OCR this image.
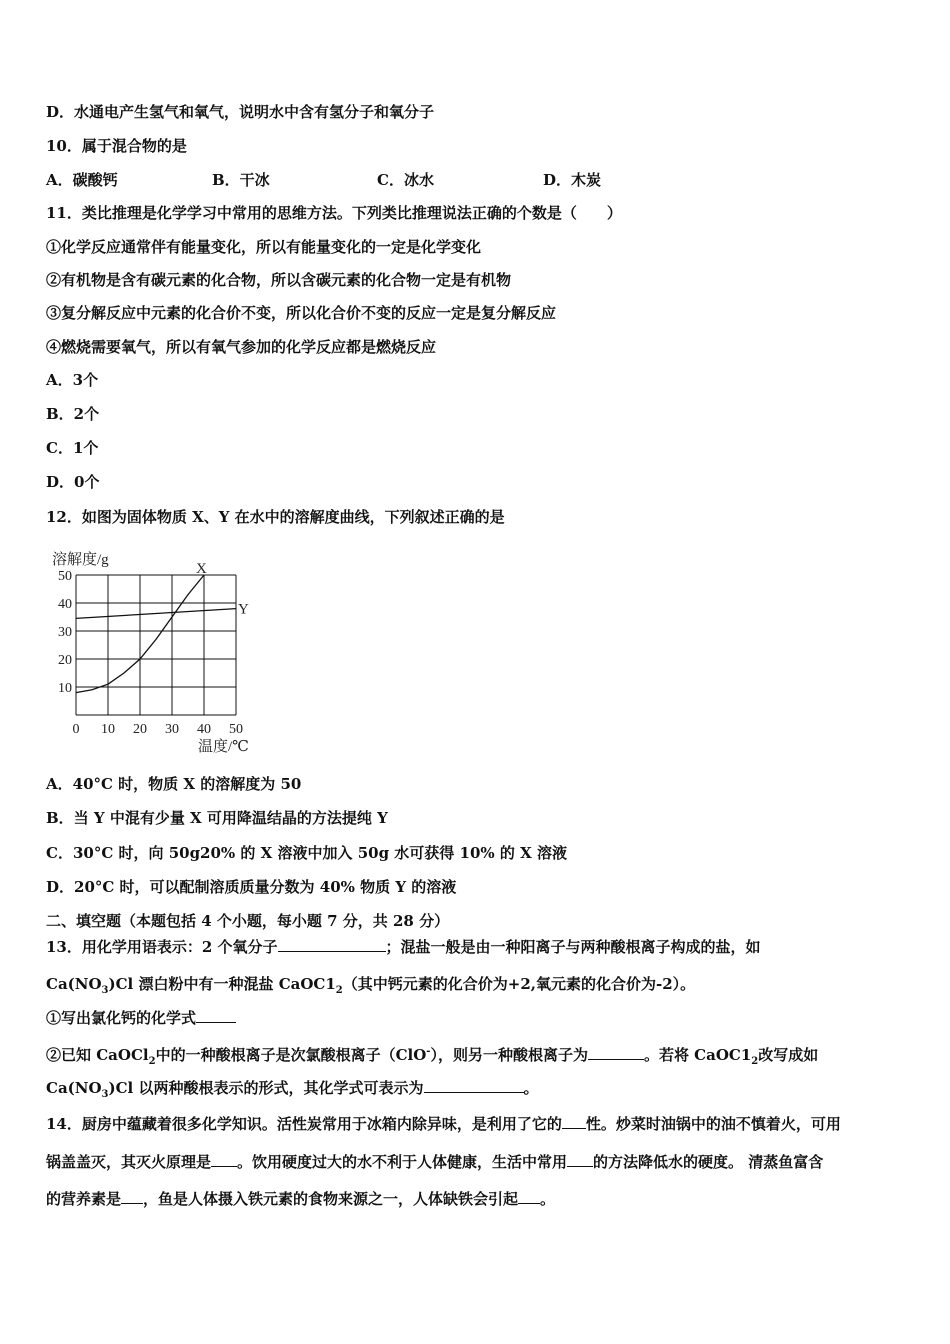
D．水通电产生氢气和氧气，说明水中含有氢分子和氧分子
10．属于混合物的是
A．碳酸钙	B．干冰	C．冰水	D．木炭
11．类比推理是化学学习中常用的思维方法。下列类比推理说法正确的个数是（　　）
①化学反应通常伴有能量变化，所以有能量变化的一定是化学变化
②有机物是含有碳元素的化合物，所以含碳元素的化合物一定是有机物
③复分解反应中元素的化合价不变，所以化合价不变的反应一定是复分解反应
④燃烧需要氧气，所以有氧气参加的化学反应都是燃烧反应
A．3个
B．2个
C．1个
D．0个
12．如图为固体物质 X、Y 在水中的溶解度曲线，下列叙述正确的是
溶解度/g
X
Y
0 10 20 30 40 50
10
20
30
40
50
温度/℃
A．40°C 时，物质 X 的溶解度为 50
B．当 Y 中混有少量 X 可用降温结晶的方法提纯 Y
C．30°C 时，向 50g20% 的 X 溶液中加入 50g 水可获得 10% 的 X 溶液
D．20°C 时，可以配制溶质质量分数为 40% 物质 Y 的溶液
二、填空题（本题包括 4 个小题，每小题 7 分，共 28 分）
13．用化学用语表示：2 个氧分子	；混盐一般是由一种阳离子与两种酸根离子构成的盐，如
$Ca(NO_3)Cl$ 漂白粉中有一种混盐 $CaOC1_2$（其中钙元素的化合价为+2,氧元素的化合价为-2）。
①写出氯化钙的化学式
②已知 CaOCl$_2$中的一种酸根离子是次氯酸根离子（ClO-），则另一种酸根离子为	。若将 $CaOC1_2$改写成如
$Ca(NO_3)Cl$ 以两种酸根表示的形式，其化学式可表示为	。
14．厨房中蕴藏着很多化学知识。活性炭常用于冰箱内除异味，是利用了它的 性。炒菜时油锅中的油不慎着火，可用
锅盖盖灭，其灭火原理是 。饮用硬度过大的水不利于人体健康，生活中常用 的方法降低水的硬度。 清蒸鱼富含
的营养素是 ，鱼是人体摄入铁元素的食物来源之一，人体缺铁会引起 。
